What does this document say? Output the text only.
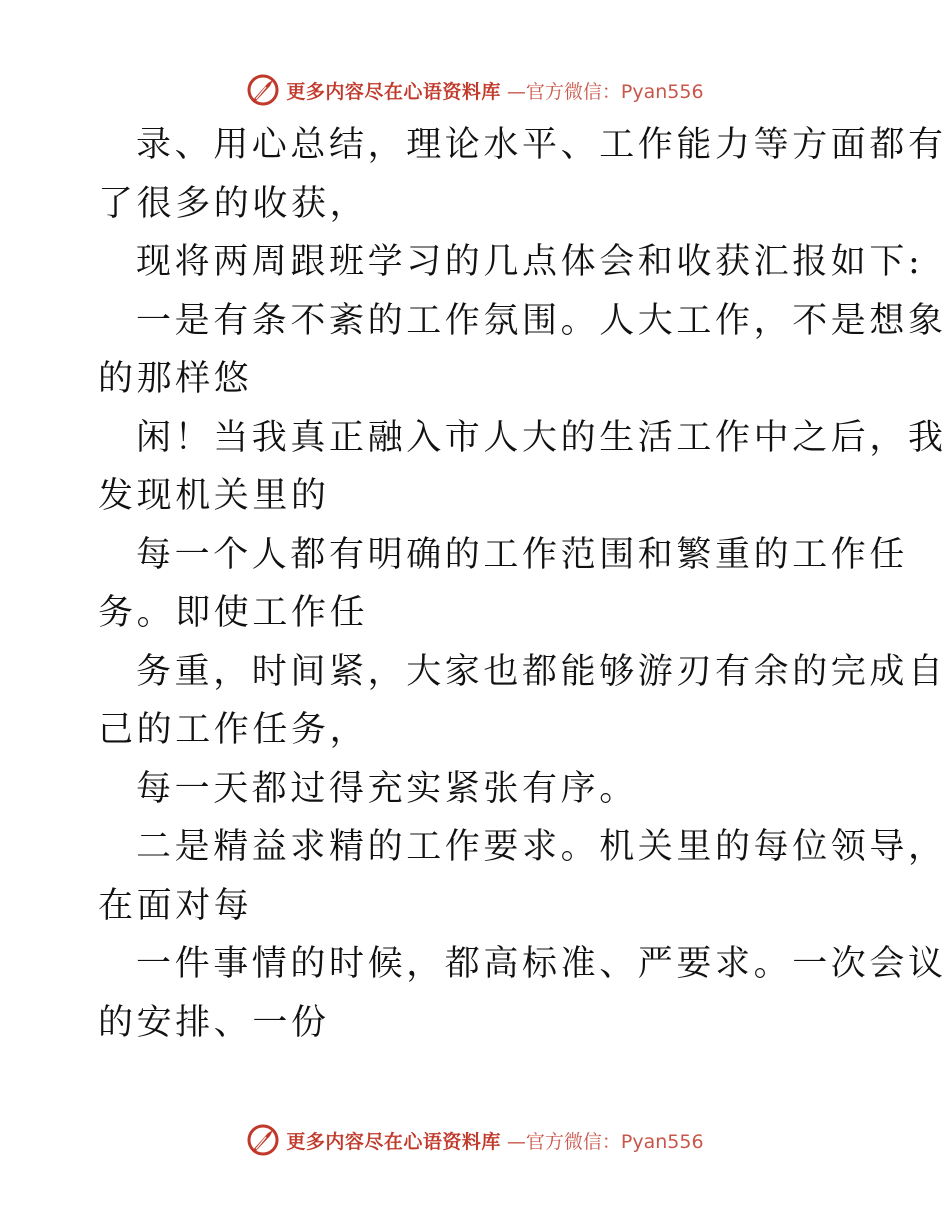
更多内容尽在心语资料库 —官方微信：Pyan556
录、用心总结，理论水平、工作能力等方面都有
了很多的收获，
现将两周跟班学习的几点体会和收获汇报如下:
一是有条不紊的工作氛围。人大工作，不是想象
的那样悠
闲！当我真正融入市人大的生活工作中之后，我
发现机关里的
每一个人都有明确的工作范围和繁重的工作任
务。即使工作任
务重，时间紧，大家也都能够游刃有余的完成自
己的工作任务，
每一天都过得充实紧张有序。
二是精益求精的工作要求。机关里的每位领导，
在面对每
一件事情的时候，都高标准、严要求。一次会议
的安排、一份
更多内容尽在心语资料库 —官方微信：Pyan556
